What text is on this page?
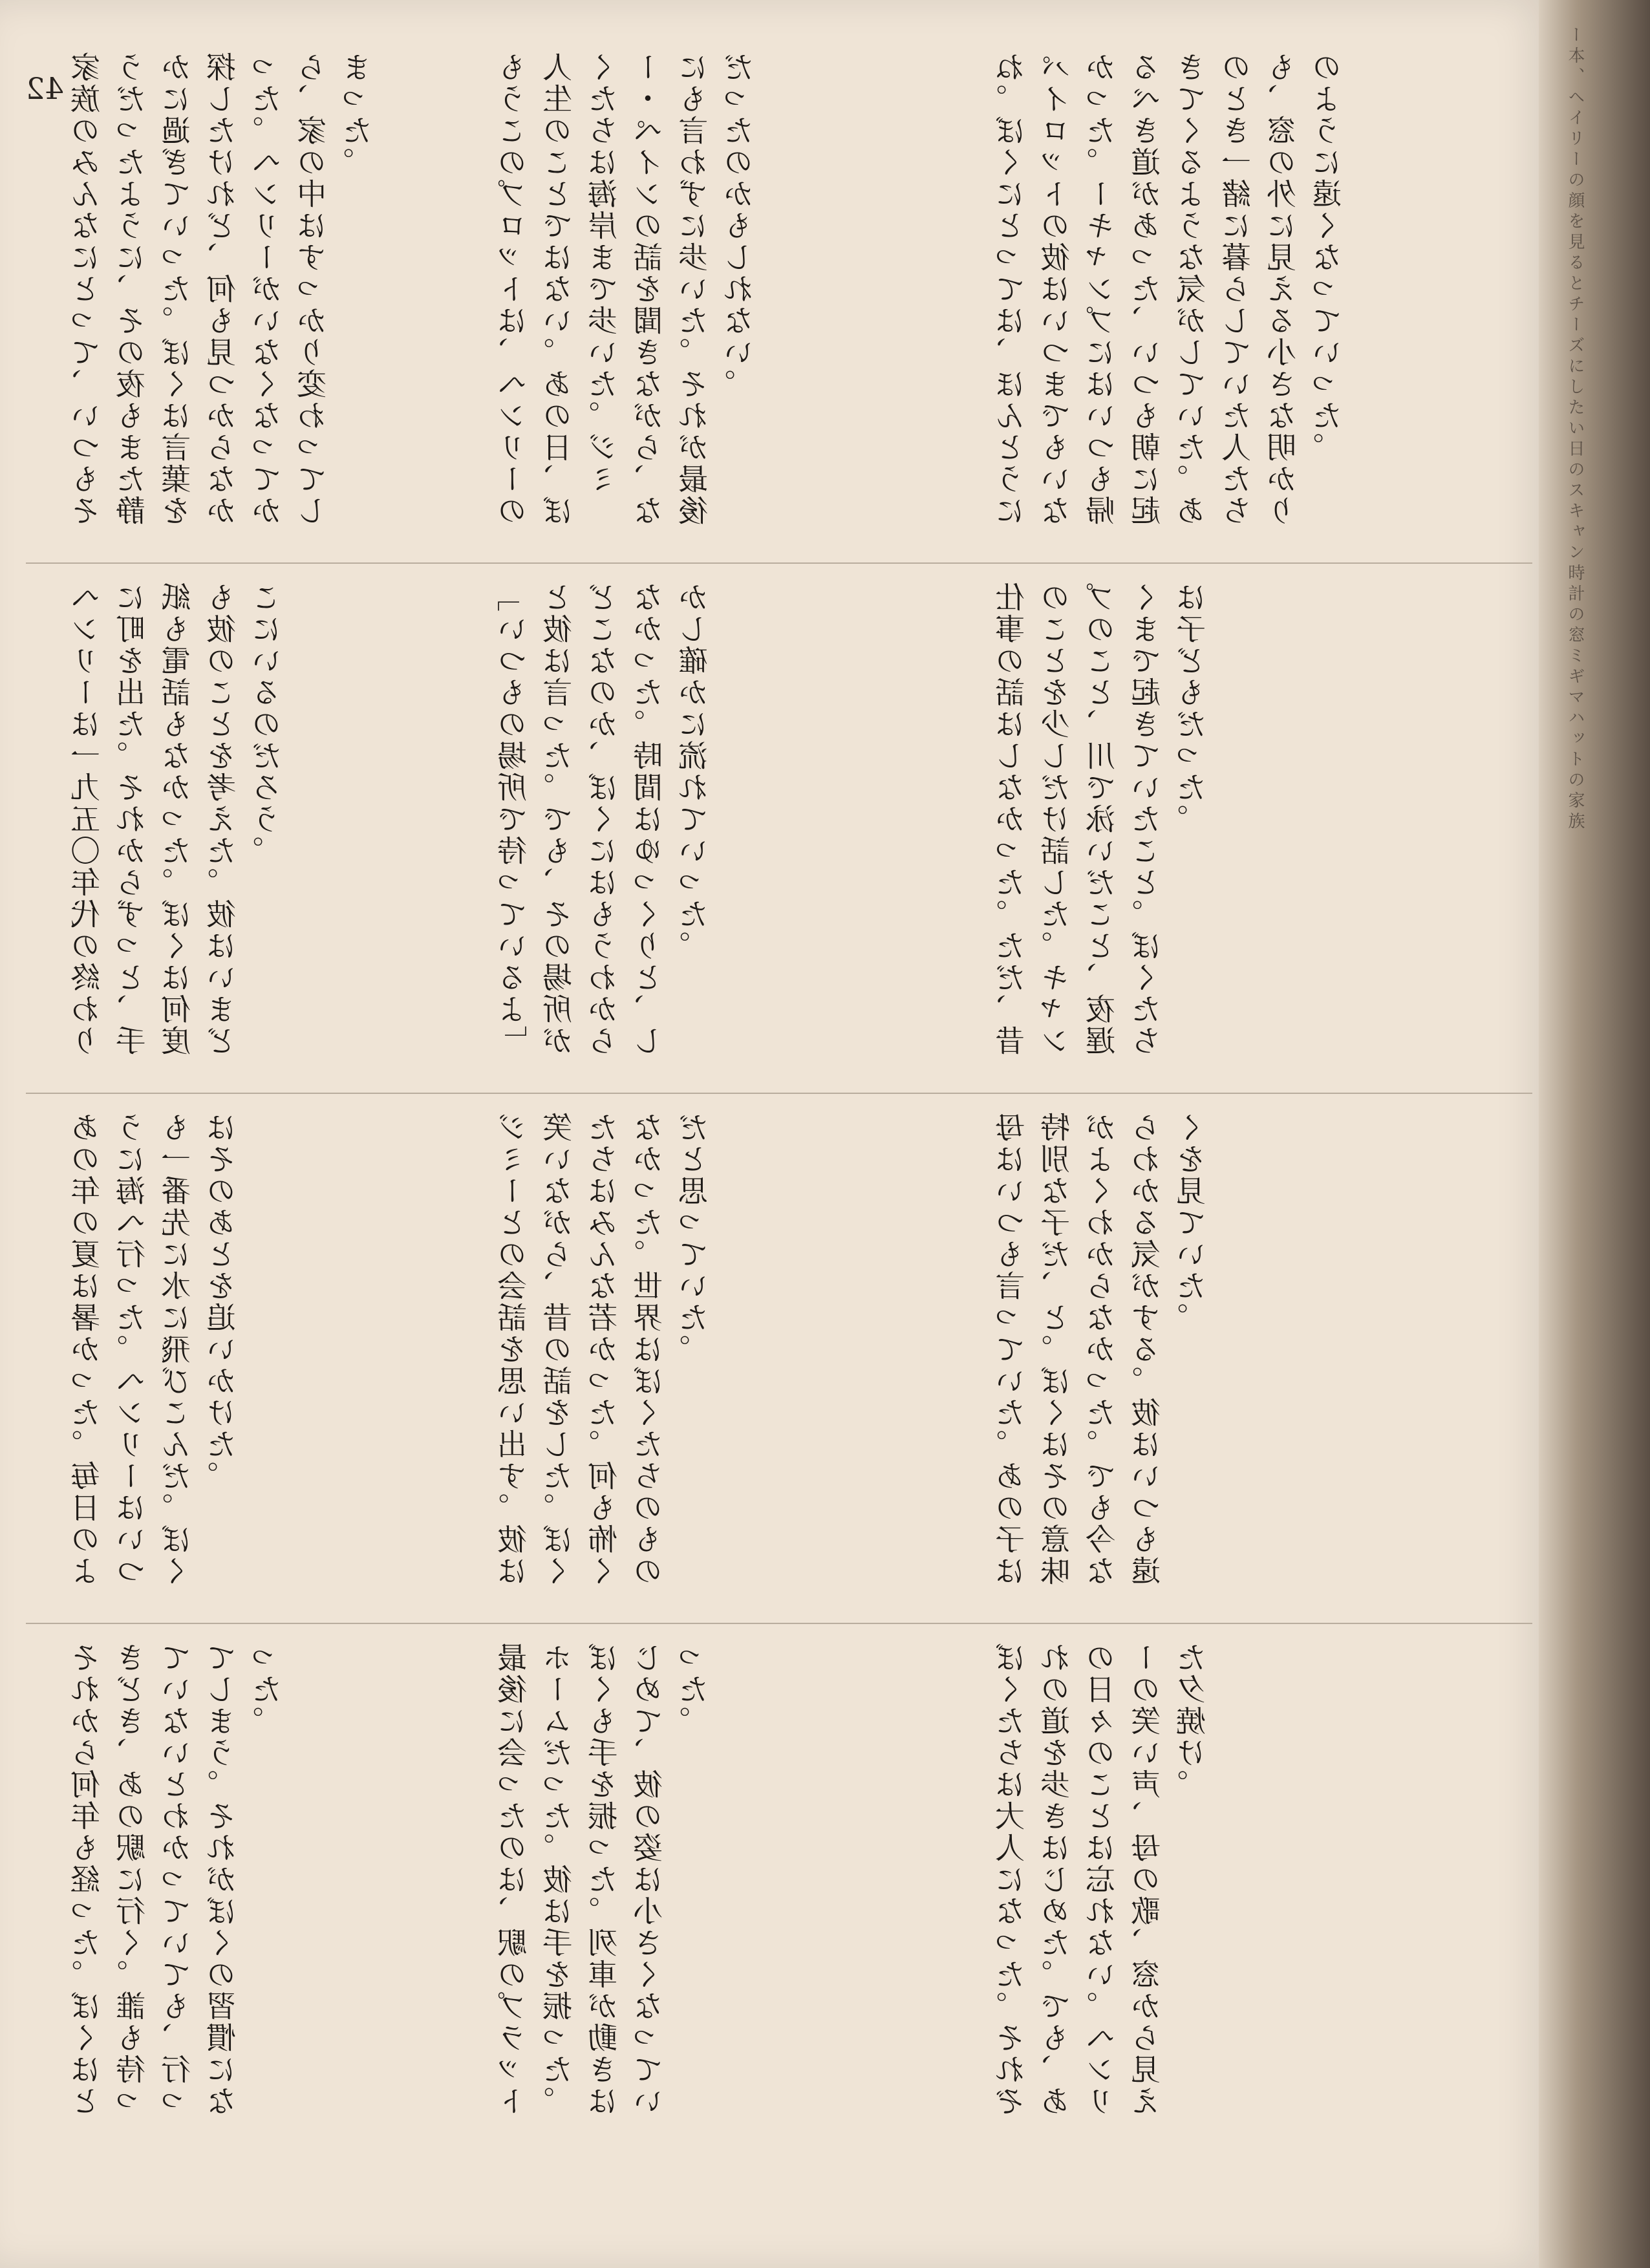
ー本、ヘイリーの顔を見るとチーズにしたい日のスキャン時計の窓ミギマハットの家族
42	ね。ぼくにとっては、ほんとうにパイロットの彼はいつまでもいなかった。ーキャンプにはいつも帰るべき道があった、いつも朝に起きてくるような気がしていた。あのとき一緒に暮らしていた人たちも、窓の外に見える小さな明かりのように遠くなっていった。

もうこのプロットは、ヘンリーの人生のことではない。あの日、ぼくたちは海岸まで歩いた。ジミー・ペインの話を聞きながら、なにも言わずに歩いた。それが最後だったのかもしれない。

家族のみんなにとって、いつもそうだったように、その夜もまた静かに過ぎていった。ぼくは言葉を探したけれど、何も見つからなかった。ヘンリーがいなくなってから、家の中はすっかり変わってしまった。

仕事の話はしなかった。ただ、昔のことを少しだけ話した。キャンプのこと、川で泳いだこと、夜遅くまで起きていたこと。ぼくたちは子どもだった。

「いつもの場所で待っているよ」と彼は言った。でも、その場所がどこなのか、ぼくにはもうわからなかった。時間はゆっくりと、しかし確かに流れていった。

ヘンリーは一九五〇年代の終わりに町を出た。それからずっと、手紙も電話もなかった。ぼくは何度も彼のことを考えた。彼はいまどこにいるのだろう。

母はいつも言っていた。あの子は特別な子だ、と。ぼくはその意味がよくわからなかった。でも今ならわかる気がする。彼はいつも遠くを見ていた。

ジミーとの会話を思い出す。彼は笑いながら、昔の話をした。ぼくたちはみんな若かった。何も怖くなかった。世界はぼくたちのものだと思っていた。

あの年の夏は暑かった。毎日のように海へ行った。ヘンリーはいつも一番先に水に飛びこんだ。ぼくはそのあとを追いかけた。

ぼくたちは大人になった。それぞれの道を歩きはじめた。でも、あの日々のことは忘れない。ヘンリーの笑い声、母の歌、窓から見えた夕焼け。

最後に会ったのは、駅のプラットホームだった。彼は手を振った。ぼくも手を振った。列車が動きはじめて、彼の姿は小さくなっていった。

それから何年も経った。ぼくはときどき、あの駅に行く。誰も待っていないとわかっていても、行ってしまう。それがぼくの習慣になった。
